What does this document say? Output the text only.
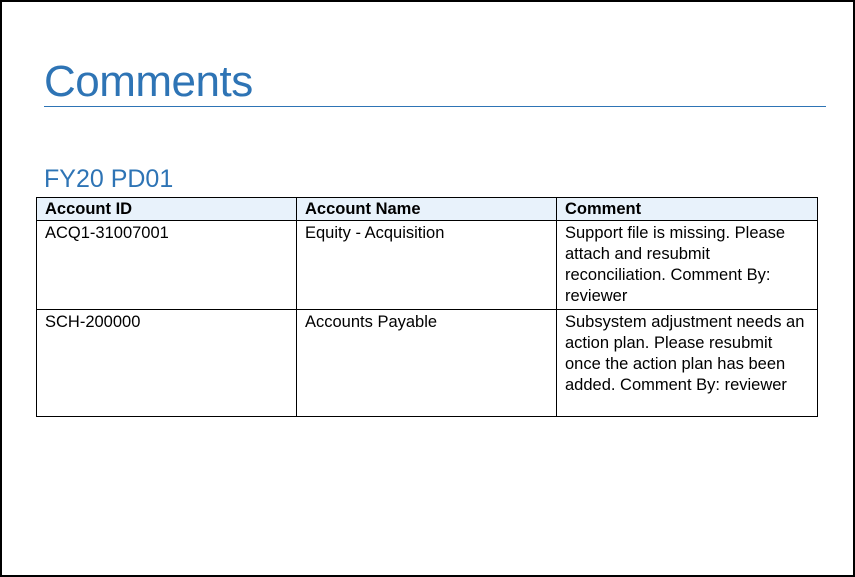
Comments
FY20 PD01
Account ID	Account Name	Comment
ACQ1-31007001	Equity - Acquisition	Support file is missing. Please attach and resubmit reconciliation. Comment By: reviewer
SCH-200000	Accounts Payable	Subsystem adjustment needs an action plan. Please resubmit once the action plan has been added. Comment By: reviewer
